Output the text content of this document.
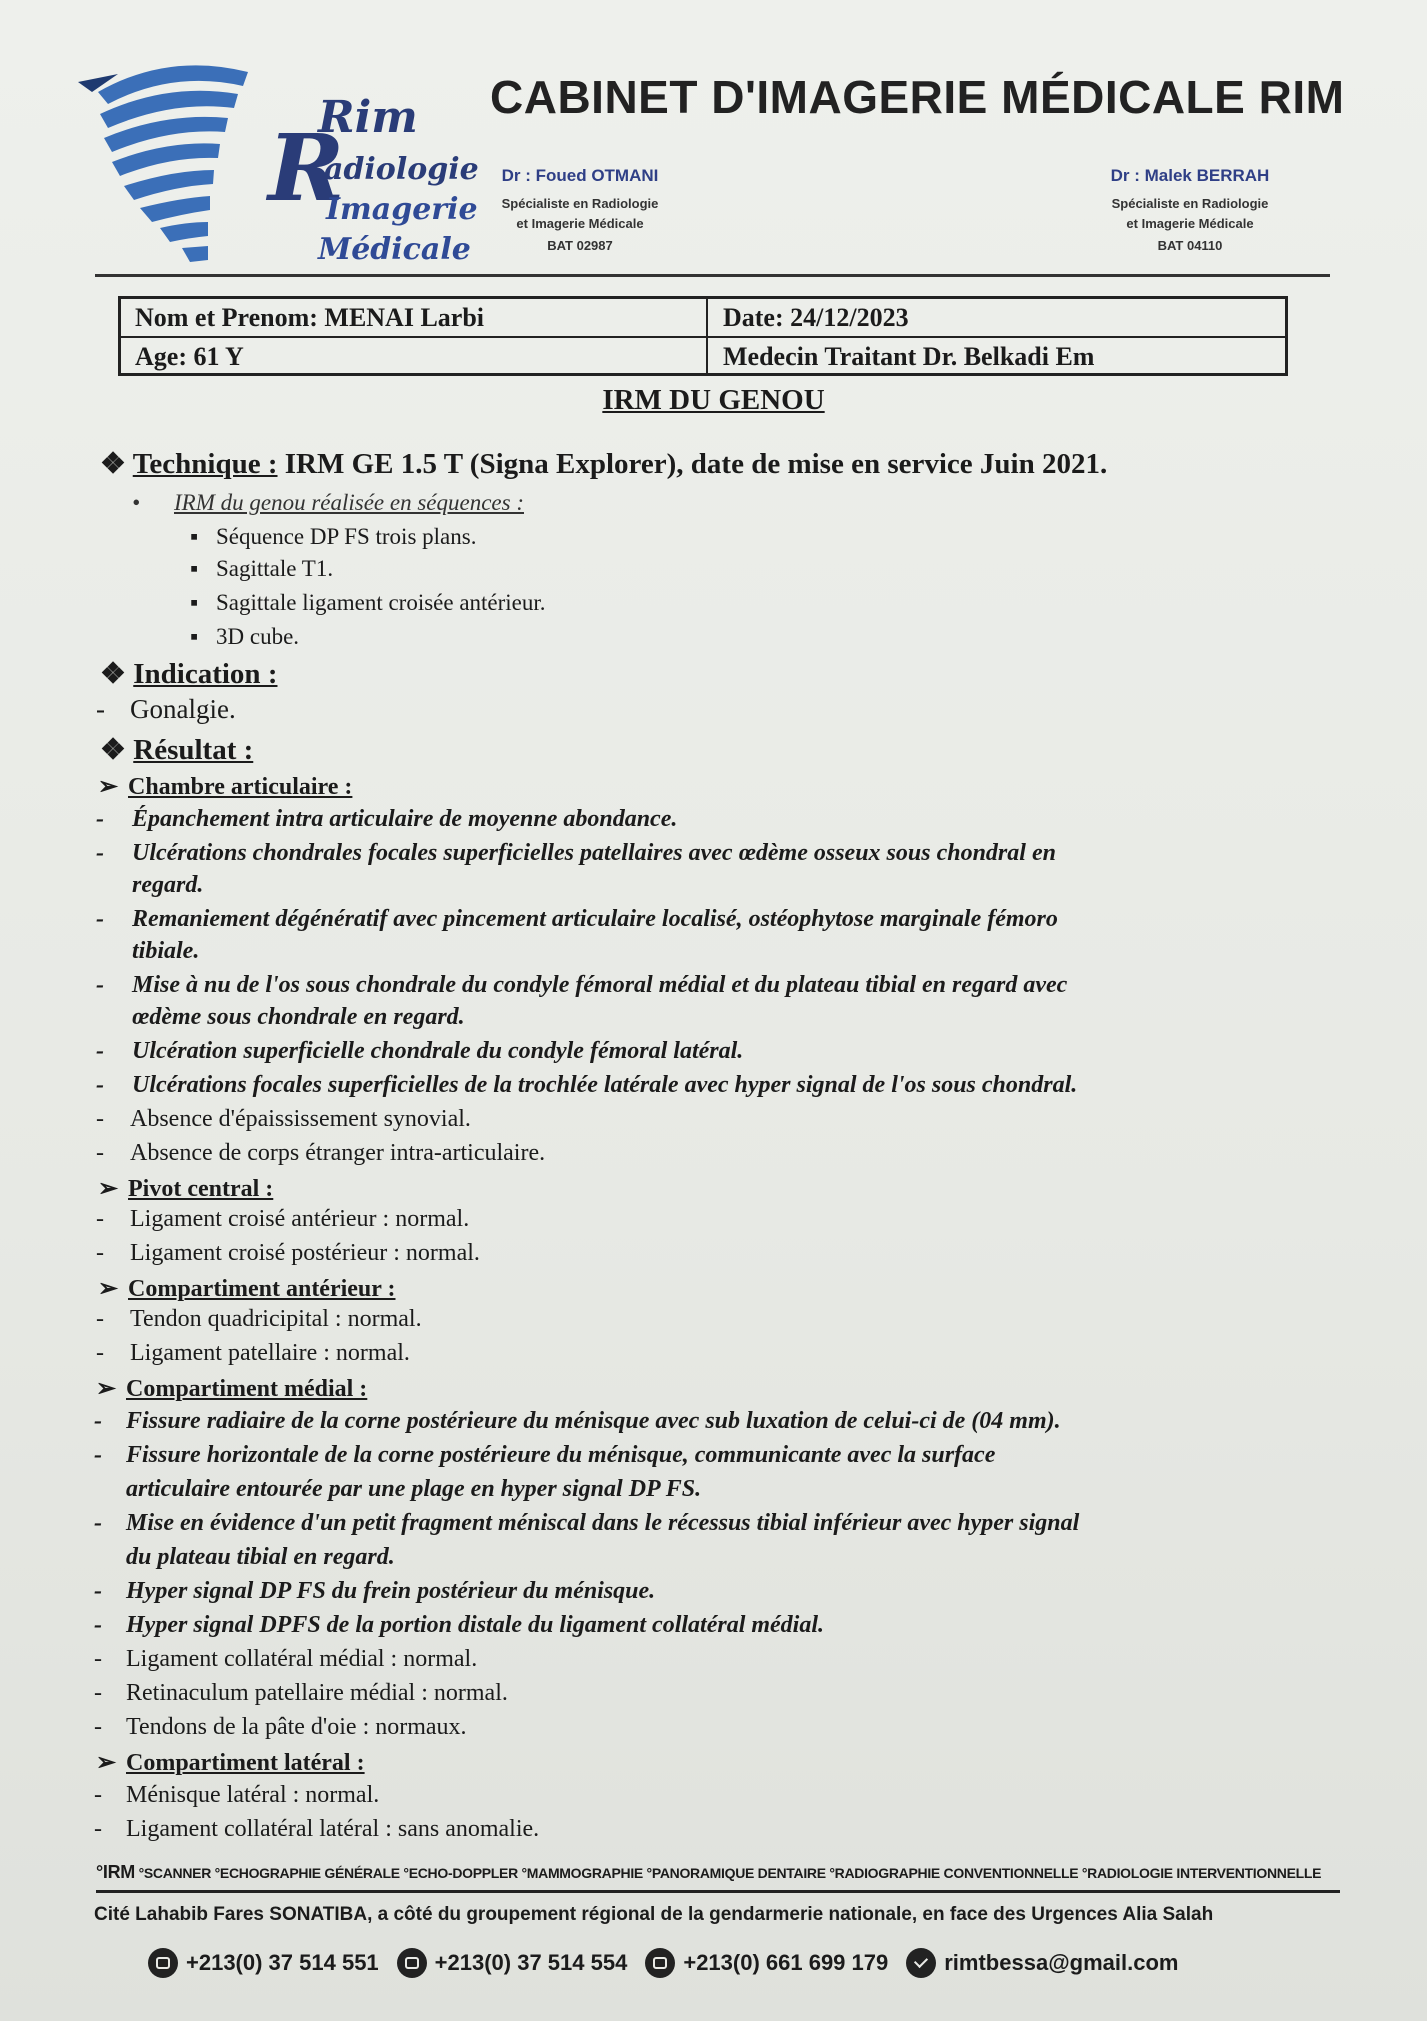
Rim
R
adiologie
Imagerie
Médicale
CABINET D'IMAGERIE MÉDICALE RIM
Dr : Foued OTMANI
Spécialiste en Radiologie
et Imagerie Médicale
BAT 02987
Dr : Malek BERRAH
Spécialiste en Radiologie
et Imagerie Médicale
BAT 04110
Nom et Prenom: MENAI Larbi	Date: 24/12/2023
Age: 61 Y	Medecin Traitant Dr. Belkadi Em
IRM DU GENOU
❖ Technique : IRM GE 1.5 T (Signa Explorer), date de mise en service Juin 2021.
• IRM du genou réalisée en séquences :
▪ Séquence DP FS trois plans.
▪ Sagittale T1.
▪ Sagittale ligament croisée antérieur.
▪ 3D cube.
❖ Indication :
- Gonalgie.
❖ Résultat :
➢ Chambre articulaire :
- Épanchement intra articulaire de moyenne abondance.
- Ulcérations chondrales focales superficielles patellaires avec œdème osseux sous chondral en
regard.
- Remaniement dégénératif avec pincement articulaire localisé, ostéophytose marginale fémoro
tibiale.
- Mise à nu de l'os sous chondrale du condyle fémoral médial et du plateau tibial en regard avec
œdème sous chondrale en regard.
- Ulcération superficielle chondrale du condyle fémoral latéral.
- Ulcérations focales superficielles de la trochlée latérale avec hyper signal de l'os sous chondral.
- Absence d'épaississement synovial.
- Absence de corps étranger intra-articulaire.
➢ Pivot central :
- Ligament croisé antérieur : normal.
- Ligament croisé postérieur : normal.
➢ Compartiment antérieur :
- Tendon quadricipital : normal.
- Ligament patellaire : normal.
➢ Compartiment médial :
- Fissure radiaire de la corne postérieure du ménisque avec sub luxation de celui-ci de (04 mm).
- Fissure horizontale de la corne postérieure du ménisque, communicante avec la surface
articulaire entourée par une plage en hyper signal DP FS.
- Mise en évidence d'un petit fragment méniscal dans le récessus tibial inférieur avec hyper signal
du plateau tibial en regard.
- Hyper signal DP FS du frein postérieur du ménisque.
- Hyper signal DPFS de la portion distale du ligament collatéral médial.
- Ligament collatéral médial : normal.
- Retinaculum patellaire médial : normal.
- Tendons de la pâte d'oie : normaux.
➢ Compartiment latéral :
- Ménisque latéral : normal.
- Ligament collatéral latéral : sans anomalie.
°IRM °SCANNER °ECHOGRAPHIE GÉNÉRALE °ECHO-DOPPLER °MAMMOGRAPHIE °PANORAMIQUE DENTAIRE °RADIOGRAPHIE CONVENTIONNELLE °RADIOLOGIE INTERVENTIONNELLE
Cité Lahabib Fares SONATIBA, a côté du groupement régional de la gendarmerie nationale, en face des Urgences Alia Salah
+213(0) 37 514 551	+213(0) 37 514 554	+213(0) 661 699 179	rimtbessa@gmail.com
